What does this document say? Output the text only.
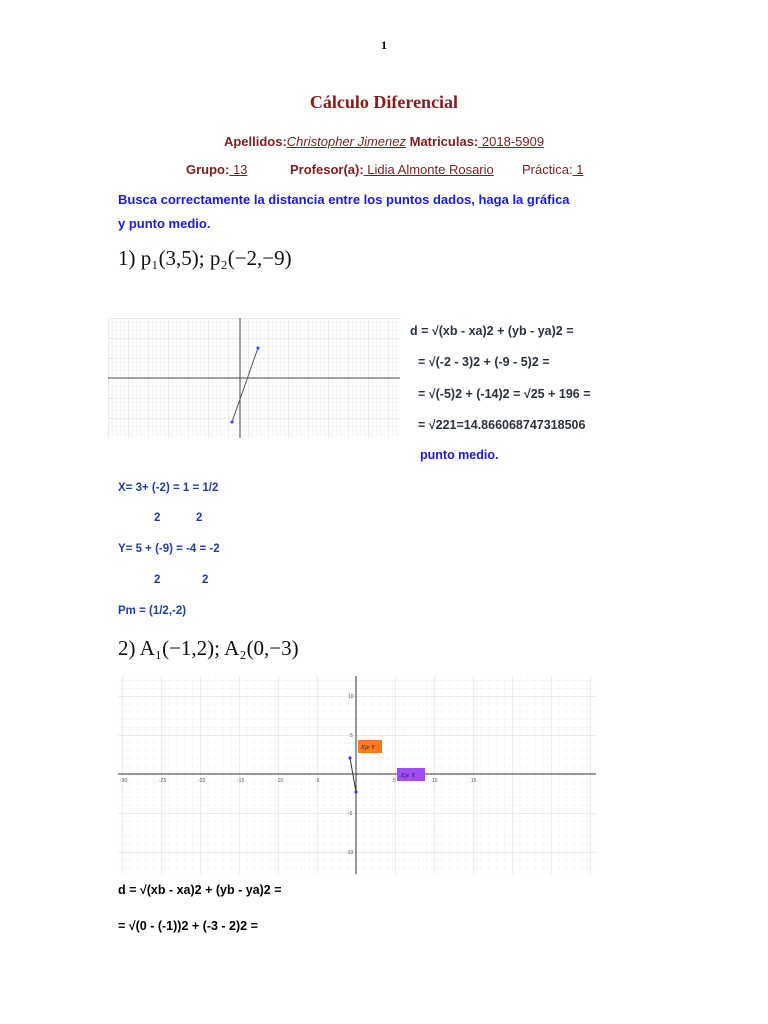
1
Cálculo Diferencial
Apellidos:Christopher Jimenez Matriculas: 2018-5909
Grupo: 13	Profesor(a): Lidia Almonte Rosario Práctica: 1
Busca correctamente la distancia entre los puntos dados, haga la gráfica y punto medio.
1) p₁(3,5); p₂(−2,−9)
d = √(xb - xa)2 + (yb - ya)2 =
= √(-2 - 3)2 + (-9 - 5)2 =
= √(-5)2 + (-14)2 = √25 + 196 =
= √221=14.866068747318506
punto medio.
X= 3+ (-2) = 1 = 1/2
2	2
Y= 5 + (-9) = -4 = -2
2	2
Pm = (1/2,-2)
2) A₁(−1,2); A₂(0,−3)
-30	-25	-20	-15	-10	-5	5	10	15
10
5
-5
-10
Eje Y
Eje X
d = √(xb - xa)2 + (yb - ya)2 =
= √(0 - (-1))2 + (-3 - 2)2 =
